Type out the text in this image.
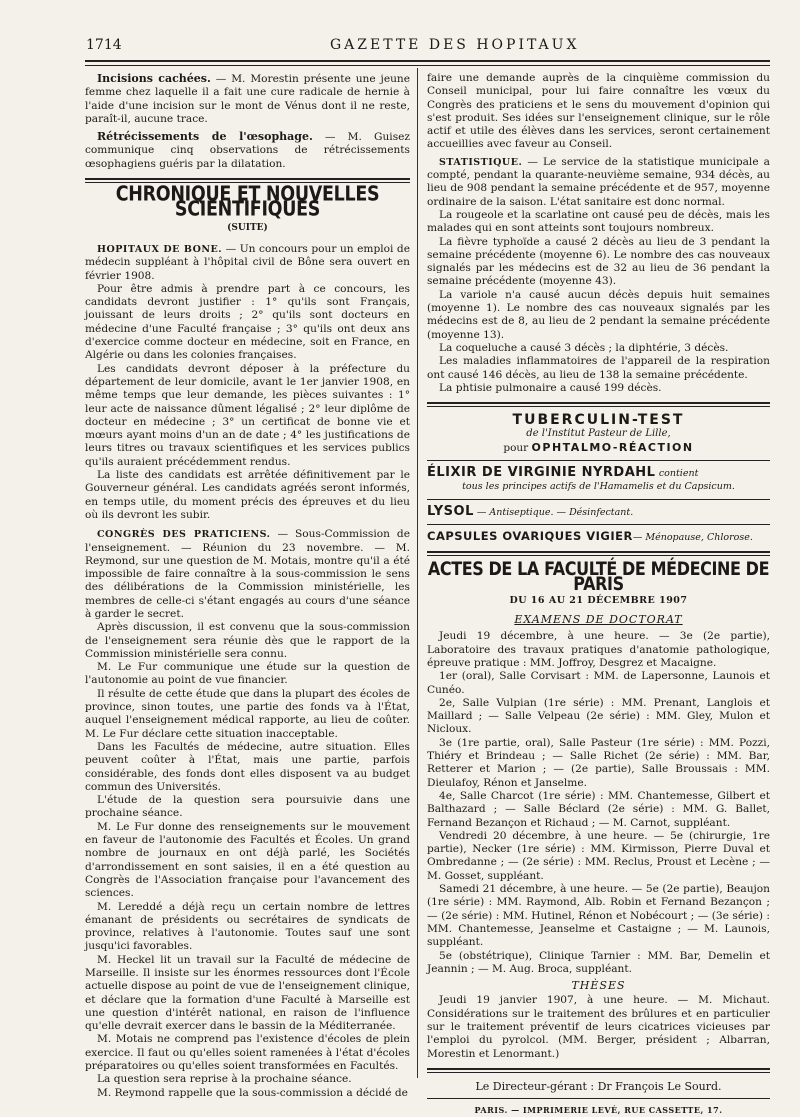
1714	GAZETTE DES HOPITAUX

Incisions cachées. — M. Morestin présente une jeune femme chez laquelle il a fait une cure radicale de hernie à l'aide d'une incision sur le mont de Vénus dont il ne reste, paraît-il, aucune trace.

Rétrécissements de l'œsophage. — M. Guisez communique cinq observations de rétrécissements œsophagiens guéris par la dilatation.

CHRONIQUE ET NOUVELLES SCIENTIFIQUES
(SUITE)

HOPITAUX DE BONE. — Un concours pour un emploi de médecin suppléant à l'hôpital civil de Bône sera ouvert en février 1908.

Pour être admis à prendre part à ce concours, les candidats devront justifier : 1° qu'ils sont Français, jouissant de leurs droits ; 2° qu'ils sont docteurs en médecine d'une Faculté française ; 3° qu'ils ont deux ans d'exercice comme docteur en médecine, soit en France, en Algérie ou dans les colonies françaises.

Les candidats devront déposer à la préfecture du département de leur domicile, avant le 1er janvier 1908, en même temps que leur demande, les pièces suivantes : 1° leur acte de naissance dûment légalisé ; 2° leur diplôme de docteur en médecine ; 3° un certificat de bonne vie et mœurs ayant moins d'un an de date ; 4° les justifications de leurs titres ou travaux scientifiques et les services publics qu'ils auraient précédemment rendus.

La liste des candidats est arrêtée définitivement par le Gouverneur général. Les candidats agréés seront informés, en temps utile, du moment précis des épreuves et du lieu où ils devront les subir.

CONGRÈS DES PRATICIENS. — Sous-Commission de l'enseignement. — Réunion du 23 novembre. — M. Reymond, sur une question de M. Motais, montre qu'il a été impossible de faire connaître à la sous-commission le sens des délibérations de la Commission ministérielle, les membres de celle-ci s'étant engagés au cours d'une séance à garder le secret.

Après discussion, il est convenu que la sous-commission de l'enseignement sera réunie dès que le rapport de la Commission ministérielle sera connu.

M. Le Fur communique une étude sur la question de l'autonomie au point de vue financier.

Il résulte de cette étude que dans la plupart des écoles de province, sinon toutes, une partie des fonds va à l'État, auquel l'enseignement médical rapporte, au lieu de coûter. M. Le Fur déclare cette situation inacceptable.

Dans les Facultés de médecine, autre situation. Elles peuvent coûter à l'État, mais une partie, parfois considérable, des fonds dont elles disposent va au budget commun des Universités.

L'étude de la question sera poursuivie dans une prochaine séance.

M. Le Fur donne des renseignements sur le mouvement en faveur de l'autonomie des Facultés et Écoles. Un grand nombre de journaux en ont déjà parlé, les Sociétés d'arrondissement en sont saisies, il en a été question au Congrès de l'Association française pour l'avancement des sciences.

M. Lereddé a déjà reçu un certain nombre de lettres émanant de présidents ou secrétaires de syndicats de province, relatives à l'autonomie. Toutes sauf une sont jusqu'ici favorables.

M. Heckel lit un travail sur la Faculté de médecine de Marseille. Il insiste sur les énormes ressources dont l'École actuelle dispose au point de vue de l'enseignement clinique, et déclare que la formation d'une Faculté à Marseille est une question d'intérêt national, en raison de l'influence qu'elle devrait exercer dans le bassin de la Méditerranée.

M. Motais ne comprend pas l'existence d'écoles de plein exercice. Il faut ou qu'elles soient ramenées à l'état d'écoles préparatoires ou qu'elles soient transformées en Facultés.

La question sera reprise à la prochaine séance.

M. Reymond rappelle que la sous-commission a décidé de

faire une demande auprès de la cinquième commission du Conseil municipal, pour lui faire connaître les vœux du Congrès des praticiens et le sens du mouvement d'opinion qui s'est produit. Ses idées sur l'enseignement clinique, sur le rôle actif et utile des élèves dans les services, seront certainement accueillies avec faveur au Conseil.

STATISTIQUE. — Le service de la statistique municipale a compté, pendant la quarante-neuvième semaine, 934 décès, au lieu de 908 pendant la semaine précédente et de 957, moyenne ordinaire de la saison. L'état sanitaire est donc normal.

La rougeole et la scarlatine ont causé peu de décès, mais les malades qui en sont atteints sont toujours nombreux.

La fièvre typhoïde a causé 2 décès au lieu de 3 pendant la semaine précédente (moyenne 6). Le nombre des cas nouveaux signalés par les médecins est de 32 au lieu de 36 pendant la semaine précédente (moyenne 43).

La variole n'a causé aucun décès depuis huit semaines (moyenne 1). Le nombre des cas nouveaux signalés par les médecins est de 8, au lieu de 2 pendant la semaine précédente (moyenne 13).

La coqueluche a causé 3 décès ; la diphtérie, 3 décès.

Les maladies inflammatoires de l'appareil de la respiration ont causé 146 décès, au lieu de 138 la semaine précédente.

La phtisie pulmonaire a causé 199 décès.

TUBERCULIN-TEST
de l'Institut Pasteur de Lille,
pour OPHTALMO-RÉACTION
ÉLIXIR DE VIRGINIE NYRDAHL contient
tous les principes actifs de l'Hamamelis et du Capsicum.
LYSOL — Antiseptique. — Désinfectant.
CAPSULES OVARIQUES VIGIER— Ménopause, Chlorose.
ACTES DE LA FACULTÉ DE MÉDECINE DE PARIS
DU 16 AU 21 DÉCEMBRE 1907
EXAMENS DE DOCTORAT

Jeudi 19 décembre, à une heure. — 3e (2e partie), Laboratoire des travaux pratiques d'anatomie pathologique, épreuve pratique : MM. Joffroy, Desgrez et Macaigne.

1er (oral), Salle Corvisart : MM. de Lapersonne, Launois et Cunéo.

2e, Salle Vulpian (1re série) : MM. Prenant, Langlois et Maillard ; — Salle Velpeau (2e série) : MM. Gley, Mulon et Nicloux.

3e (1re partie, oral), Salle Pasteur (1re série) : MM. Pozzi, Thiéry et Brindeau ; — Salle Richet (2e série) : MM. Bar, Retterer et Marion ; — (2e partie), Salle Broussais : MM. Dieulafoy, Rénon et Janselme.

4e, Salle Charcot (1re série) : MM. Chantemesse, Gilbert et Balthazard ; — Salle Béclard (2e série) : MM. G. Ballet, Fernand Bezançon et Richaud ; — M. Carnot, suppléant.

Vendredi 20 décembre, à une heure. — 5e (chirurgie, 1re partie), Necker (1re série) : MM. Kirmisson, Pierre Duval et Ombredanne ; — (2e série) : MM. Reclus, Proust et Lecène ; — M. Gosset, suppléant.

Samedi 21 décembre, à une heure. — 5e (2e partie), Beaujon (1re série) : MM. Raymond, Alb. Robin et Fernand Bezançon ; — (2e série) : MM. Hutinel, Rénon et Nobécourt ; — (3e série) : MM. Chantemesse, Jeanselme et Castaigne ; — M. Launois, suppléant.

5e (obstétrique), Clinique Tarnier : MM. Bar, Demelin et Jeannin ; — M. Aug. Broca, suppléant.

THÈSES

Jeudi 19 janvier 1907, à une heure. — M. Michaut. Considérations sur le traitement des brûlures et en particulier sur le traitement préventif de leurs cicatrices vicieuses par l'emploi du pyrolcol. (MM. Berger, président ; Albarran, Morestin et Lenormant.)

Le Directeur-gérant : Dr François Le Sourd.
PARIS. — IMPRIMERIE LEVÉ, RUE CASSETTE, 17.
